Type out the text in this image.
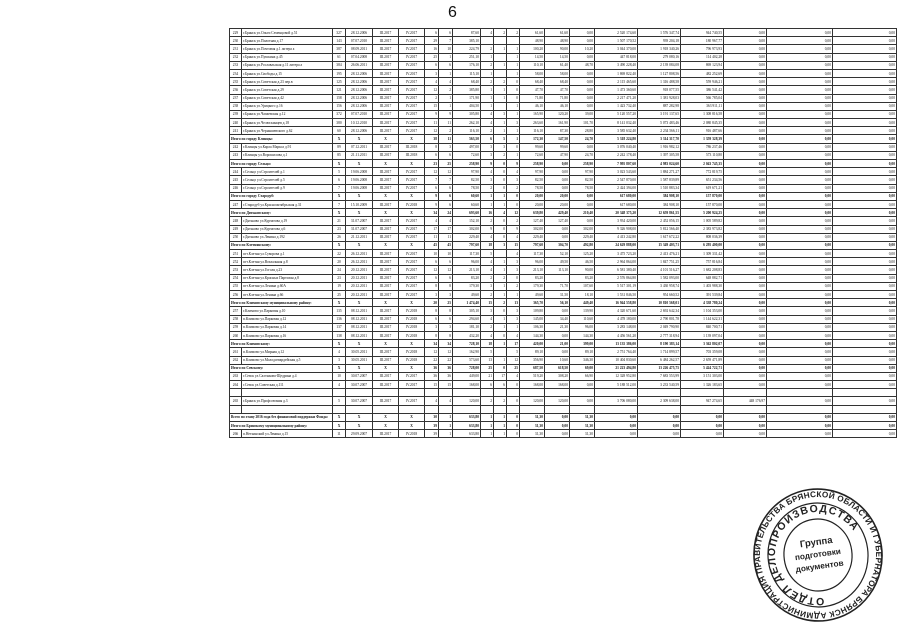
6
229	г.Брянск ул.Ольги Семенцовой д.51	327	28.12.2006	III.2017	IV.2017	6	6	87,60	4	2	2	61,60	61,60	0,00	2 520 174,60	1 576 347,74	944 740,55	0,00	0,00	0,00
230	г.Брянск ул.Пилотная д.17	143	07.07.2010	III.2017	IV.2017	29	7	385,10				48,90	48,90	0,00	1 507 170,52	939 204,18	180 967,77	0,00	0,00	0,00
231	г.Брянск ул.Почтовая д.1 литера а	387	08.09.2011	III.2017	IV.2017	16	10	224,79	2	1	1	100,20	90,00	10,20	3 044 370,00	1 918 340,26	796 973,93	0,00	0,00	0,00
232	г.Брянск ул.Пушкина д.45	61	07.04.2008	III.2017	IV.2017	25	1	251,10	1		1	14,50	14,50	0,00	447 818,00	279 080,16	114 402,28	0,00	0,00	0,00
233	г.Брянск ул.Рославльская д.11 литера а	384	26.06.2011	III.2017	IV.2017	6	6	176,10	2	1	1	110,10	61,40	48,70	3 490 228,40	2 139 084,08	869 123,94	0,00	0,00	0,00
234	г.Брянск ул.Свободы д.15	195	28.12.2006	III.2017	IV.2017	3	1	115,10	1		1	58,00	58,00	0,00	1 869 822,40	1 127 808,56	482 252,69	0,00	0,00	0,00
235	г.Брянск ул.Советская д.23 пер.в	125	28.12.2006	III.2017	IV.2017	4	4	68,40	2	2	0	68,40	68,40	0,00	2 115 465,60	1 316 488,58	559 946,21	0,00	0,00	0,00
236	г.Брянск ул.Советская д.29	121	28.12.2006	III.2017	IV.2017	12	2	385,80	1	1	0	47,70	47,70	0,00	1 473 360,60	918 077,55	386 541,42	0,00	0,00	0,00
237	г.Брянск ул.Советская д.42	158	28.12.2006	III.2017	IV.2017	2	1	171,90	1	1	0	71,80	71,80	0,00	2 217 471,20	1 381 928,03	566 785,04	0,00	0,00	0,00
238	г.Брянск ул.Урицкого д.16	156	28.12.2006	III.2017	IV.2017	15	1	404,50	1		1	46,10	46,10	0,00	1 423 732,40	887 282,98	363 911,11	0,00	0,00	0,00
239	г.Брянск ул.Чапаевская д.12	372	07.07.2010	III.2017	IV.2017	9	9	305,80	4	3	1	165,90	120,20	39,00	5 120 557,20	3 191 137,65	1 308 816,58	0,00	0,00	0,00
240	г.Брянск ул.Челюскинцев д.18	380	10.12.2010	III.2017	IV.2017	11	11	262,10	4	1	3	263,60	161,90	101,70	8 141 032,40	5 073 483,46	2 080 845,35	0,00	0,00	0,00
241	г.Брянск ул.Чернышевского д.62	60	28.12.2006	III.2017	IV.2017	12	2	116,10	2	1	1	116,10	87,30	28,80	3 585 632,40	2 234 566,11	916 487,66	0,00	0,00	0,00
Итого по городу Клинцы:		X	X	X	X	38	11	563,50	6	5	1	172,30	147,50	24,70	5 318 224,80	3 314 317,70	1 359 328,39	0,00	0,00	0,00
242	г.Клинцы ул.Карла Маркса д.91	89	07.12.2011	III.2017	III.2018	8	3	497,00	3	3	0	99,60	99,60	0,00	3 076 040,40	1 916 982,12	786 237,46	0,00	0,00	0,00
243	г.Клинцы ул.Ворошилова д.1	85	21.11.2011	III.2017	III.2018	6	6	72,60	3	2	1	72,60	47,90	24,70	2 242 178,40	1 397 305,58	573 110,80	0,00	0,00	0,00
Итого по городу Сельцо:		X	X	X	X	23	25	258,90	9	0	9	258,90	0,00	258,90	7 995 807,60	4 983 024,60	2 043 745,35	0,00	0,00	0,00
244	г.Сельцо ул.Строителей д.1	5	19.06.2008	III.2017	IV.2017	12	12	97,90	4	0	4	97,90	0,00	97,90	3 023 543,60	1 884 271,27	772 819,75	0,00	0,00	0,00
245	г.Сельцо ул.Строителей д.5	6	19.06.2008	III.2017	IV.2017	7	7	82,50	3	0	3	82,50	0,00	82,50	2 547 870,00	1 587 839,89	651 234,56	0,00	0,00	0,00
246	г.Сельцо ул.Строителей д.9	7	19.06.2008	III.2017	IV.2017	6	6	78,50	2	0	2	78,50	0,00	78,50	2 424 394,00	1 510 883,34	619 671,21	0,00	0,00	0,00
Итого по городу Стародуб:		X	X	X	X	9	6	60,60	1	1	0	20,00	20,00	0,00	617 680,00	384 908,10	157 870,00	0,00	0,00	0,00
247	г.Стародуб ул.Краснооктябрьская д.31	7	15.10.2009	III.2017	IV.2018	9	6	60,60	1	1	0	20,00	20,00	0,00	617 680,00	384 908,10	157 870,00	0,00	0,00	0,00
Итого по Дятьковскому:		X	X	X	X	34	24	693,60	16	4	12	639,80	429,40	210,40	20 348 375,20	12 659 861,55	5 200 924,25	0,00	0,00	0,00
248	г.Дятьково ул.Курчатова д.19	21	31.07.2007	III.2017	IV.2017	4	4	152,10	2	0	2	127,40	127,40	0,00	3 934 420,00	2 452 056,15	1 005 589,82	0,00	0,00	0,00
249	г.Дятьково ул.Курчатова д.6	23	31.07.2007	III.2017	IV.2017	17	17	302,00	9	0	9	302,00	0,00	302,00	9 326 908,00	5 812 566,40	2 383 973,82	0,00	0,00	0,00
250	г.Дятьково ул.Ленина д.192	26	21.12.2011	III.2017	IV.2017	11	11	229,40	4	0	4	229,40	0,00	229,40	4 413 242,80	1 617 672,22	808 036,39	0,00	0,00	0,00
Итого по Клетнянскому:		X	X	X	X	45	45	797,60	18	3	15	797,60	304,70	492,80	24 629 888,00	15 349 403,71	6 295 400,00	0,00	0,00	0,00
251	пгт.Клетня ул.Суворова д.1	22	26.12.2011	III.2017	IV.2017	10	10	117,30	5		4	117,30	52,10	125,20	3 475 723,20	2 413 476,21	1 309 331,42	0,00	0,00	0,00
252	пгт.Клетня ул.Вокзальная д.8	20	26.12.2011	III.2017	IV.2017	6	6	96,00	4	1	3	96,00	49,50	46,50	2 964 864,00	1 847 751,25	757 816,84	0,00	0,00	0,00
253	пгт.Клетня ул.Гоголя д.23	24	20.12.2011	III.2017	IV.2017	12	12	213,10	4	1	3	213,10	113,10	90,00	6 581 380,40	4 101 516,27	1 682 208,83	0,00	0,00	0,00
254	пгт.Клетня ул.Красных Партизан д.8	23	20.12.2011	III.2017	IV.2017	6	6	83,20	2	2	0	83,20		83,20	2 576 864,80	1 582 093,00	648 882,71	0,00	0,00	0,00
255	пгт.Клетня ул.Ленина д.60А	19	20.12.2011	III.2017	IV.2017	8	8	179,30	3	1	2	179,30	71,70	107,60	5 517 301,19	3 430 958,74	1 403 988,30	0,00	0,00	0,00
256	пгт.Клетня ул.Ленина д.66	25	20.12.2011	III.2017	IV.2017	3	3	49,60	2	1	1	49,60	31,50	18,10	1 531 846,50	954 660,52	391 539,84	0,00	0,00	0,00
Итого по Климовскому муниципальному району:		X	X	X	X	20	25	1 474,40	15	2	13	365,70	56,10	449,40	16 944 558,80	10 810 568,01	4 338 780,24	0,00	0,00	0,00
257	г.Климово ул.Парковая д.10	135	08.12.2011	III.2017	IV.2018	8	8	305,10	3	0	3	109,80	0,00	139,90	4 320 671,60	2 692 642,34	1 104 353,00	0,00	0,00	0,00
258	п.Климово ул.Парковая д.12	136	08.12.2011	III.2017	IV.2018	6	6	294,60	4	1	3	145,00	34,40	110,60	4 478 180,00	2 790 801,78	1 144 622,31	0,00	0,00	0,00
259	п.Климово ул.Парковая д.14	137	08.12.2011	III.2017	IV.2018	3	3	181,10	2	1	1	106,30	21,30	96,00	3 283 148,00	2 049 790,90	840 700,71	0,00	0,00	0,00
260	п.Климово ул.Парковая д.16	138	08.12.2011	III.2017	IV.2018	8	8	432,20	4	0	4	144,30	0,00	144,30	4 456 561,20	2 777 318,94	1 139 097,04	0,00	0,00	0,00
Итого по Климовскому:		X	X	X	X	34	34	728,10	18	1	17	420,00	21,00	399,00	13 135 386,00	8 190 383,14	3 362 802,07	0,00	0,00	0,00
261	п.Климово ул.Мирная д.12	4	30.05.2011	III.2017	IV.2018	12	12	162,90	5		5	89,10	0,00	89,10	2 751 764,40	1 714 899,57	703 359,08	0,00	0,00	0,00
262	п.Климово ул.Молодогвардейская д.5	3	30.05.2011	III.2017	IV.2018	22	22	573,60	13	1	12	356,90	10,60	346,30	10 404 830,60	6 484 262,57	2 659 471,89	0,00	0,00	0,00
Итого по Севскому:		X	X	X	X	36	36	728,00	25	0	25	687,50	618,50	69,00	21 223 494,80	13 226 475,75	5 424 722,71	0,00	0,00	0,00
263	г.Севск ул.Салтыкова-Щедрина д.4	10	30.07.2007	III.2017	IV.2017	36	36	449,00	21	17	4	519,20	308,20	66,90	12 328 952,80	7 683 553,99	3 151 303,00	0,00	0,00	0,00
264	г.Севск ул.Советская д.111	4	30.07.2007	III.2017	IV.2017	15	15	168,00	6	6	0	168,00	168,00	0,00	5 188 512,00	3 233 540,59	1 326 183,65	0,00	0,00	0,00

265	г.Брянск ул.Профсоюзная д.3	5	30.07.2007	III.2017	IV.2017	4	4	120,00	2	2	0	120,00	120,00	0,00	3 706 080,00	2 309 638,00	947 274,65	448 176,97	0,00	0,00

Всего по этапу 2016 года без финансовой поддержки Фонда:		X	X	X	X	30	1	633,80	1	1	0	31,30	0,00	31,30	0,00	0,00	0,00	0,00	0,00	0,00
Итого по Брянскому муниципальному району:		X	X	X	X	39	1	633,80	1	1	0	31,30	0,00	31,30	0,00	0,00	0,00	0,00	0,00	0,00
266	п.Нетьинский ул.Ленина д.15	11	29.09.2007	III.2017	IV.2018	39	1	633,80	1	1	0	31,30	0,00	31,30	0,00	0,00	0,00	0,00	0,00	0,00
АДМИНИСТРАЦИЯ ПРАВИТЕЛЬСТВА БРЯНСКОЙ ОБЛАСТИ И ГУБЕРНАТОРА БРЯНСКОЙ
ОТДЕЛ ДЕЛОПРОИЗВОДСТВА
Группа
подготовки
документов
